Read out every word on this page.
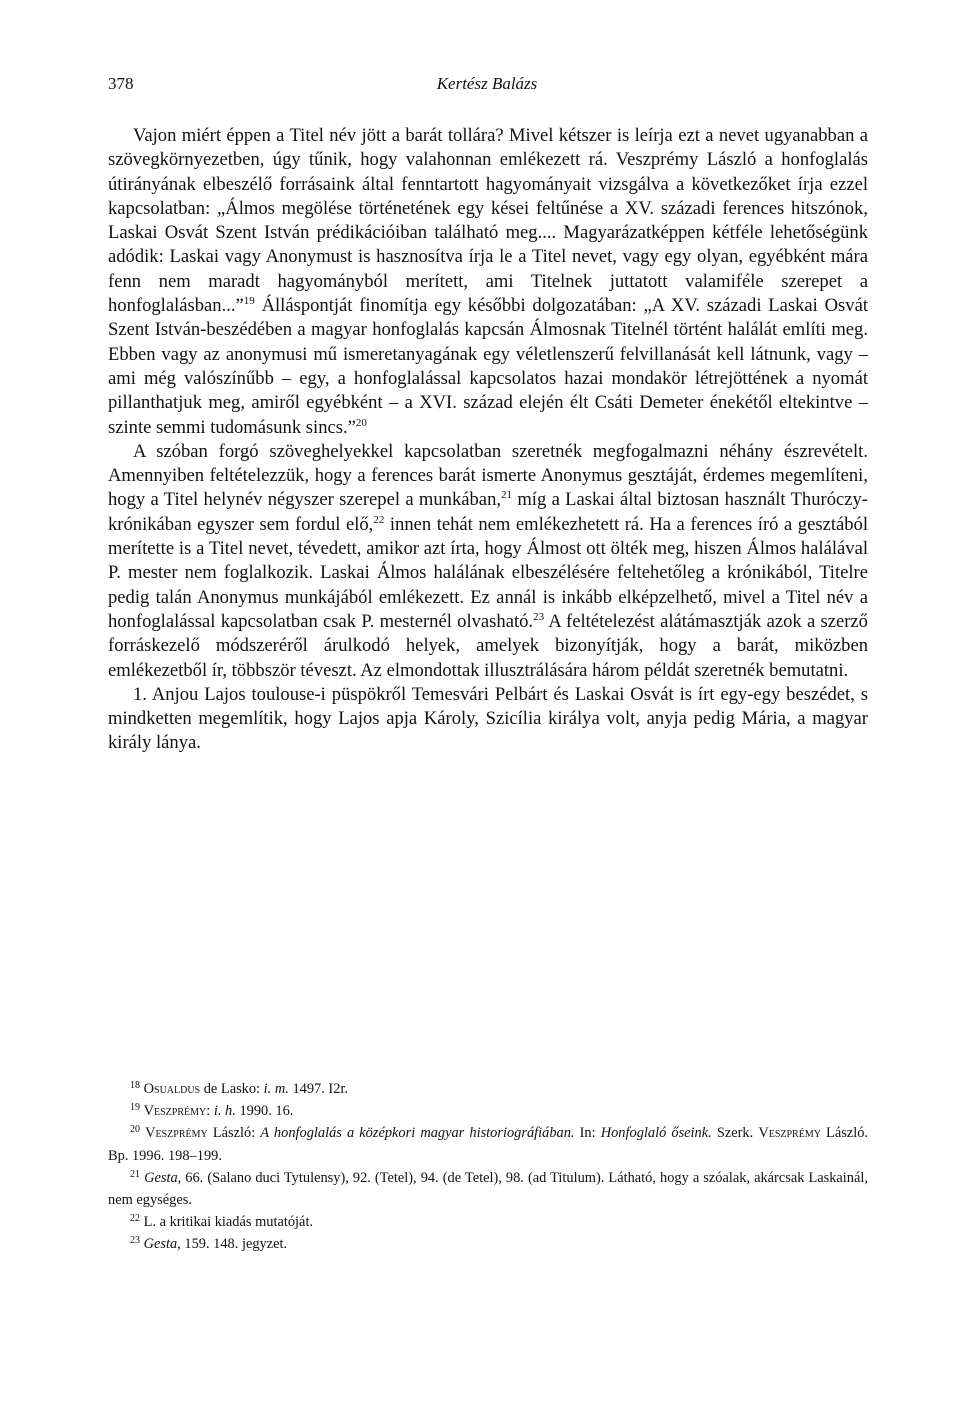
378	Kertész Balázs

Vajon miért éppen a Titel név jött a barát tollára? Mivel kétszer is leírja ezt a nevet ugyanabban a szövegkörnyezetben, úgy tűnik, hogy valahonnan emlékezett rá. Veszprémy László a honfoglalás útirányának elbeszélő forrásaink által fenntartott hagyományait vizsgálva a következőket írja ezzel kapcsolatban: „Álmos megölése történetének egy kései feltűnése a XV. századi ferences hitszónok, Laskai Osvát Szent István prédikációiban található meg.... Magyarázatképpen kétféle lehetőségünk adódik: Laskai vagy Anonymust is hasznosítva írja le a Titel nevet, vagy egy olyan, egyébként mára fenn nem maradt hagyományból merített, ami Titelnek juttatott valamiféle szerepet a honfoglalásban...”$^{19}$ Álláspontját finomítja egy későbbi dolgozatában: „A XV. századi Laskai Osvát Szent István-beszédében a magyar honfoglalás kapcsán Álmosnak Titelnél történt halálát említi meg. Ebben vagy az anonymusi mű ismeretanyagának egy véletlenszerű felvillanását kell látnunk, vagy – ami még valószínűbb – egy, a honfoglalással kapcsolatos hazai mondakör létrejöttének a nyomát pillanthatjuk meg, amiről egyébként – a XVI. század elején élt Csáti Demeter énekétől eltekintve – szinte semmi tudomásunk sincs.”$^{20}$

A szóban forgó szöveghelyekkel kapcsolatban szeretnék megfogalmazni néhány észrevételt. Amennyiben feltételezzük, hogy a ferences barát ismerte Anonymus gesztáját, érdemes megemlíteni, hogy a Titel helynév négyszer szerepel a munkában,$^{21}$ míg a Laskai által biztosan használt Thuróczy-krónikában egyszer sem fordul elő,$^{22}$ innen tehát nem emlékezhetett rá. Ha a ferences író a gesztából merítette is a Titel nevet, tévedett, amikor azt írta, hogy Álmost ott ölték meg, hiszen Álmos halálával P. mester nem foglalkozik. Laskai Álmos halálának elbeszélésére feltehetőleg a krónikából, Titelre pedig talán Anonymus munkájából emlékezett. Ez annál is inkább elképzelhető, mivel a Titel név a honfoglalással kapcsolatban csak P. mesternél olvasható.$^{23}$ A feltételezést alátámasztják azok a szerző forráskezelő módszeréről árulkodó helyek, amelyek bizonyítják, hogy a barát, miközben emlékezetből ír, többször téveszt. Az elmondottak illusztrálására három példát szeretnék bemutatni.

1. Anjou Lajos toulouse-i püspökről Temesvári Pelbárt és Laskai Osvát is írt egy-egy beszédet, s mindketten megemlítik, hogy Lajos apja Károly, Szicília királya volt, anyja pedig Mária, a magyar király lánya.

$^{18}$ Osualdus de Lasko: i. m. 1497. I2r.

$^{19}$ Veszprémy: i. h. 1990. 16.

$^{20}$ Veszprémy László: A honfoglalás a középkori magyar historiográfiában. In: Honfoglaló őseink. Szerk. Veszprémy László. Bp. 1996. 198–199.

$^{21}$ Gesta, 66. (Salano duci Tytulensy), 92. (Tetel), 94. (de Tetel), 98. (ad Titulum). Látható, hogy a szóalak, akárcsak Laskainál, nem egységes.

$^{22}$ L. a kritikai kiadás mutatóját.

$^{23}$ Gesta, 159. 148. jegyzet.
